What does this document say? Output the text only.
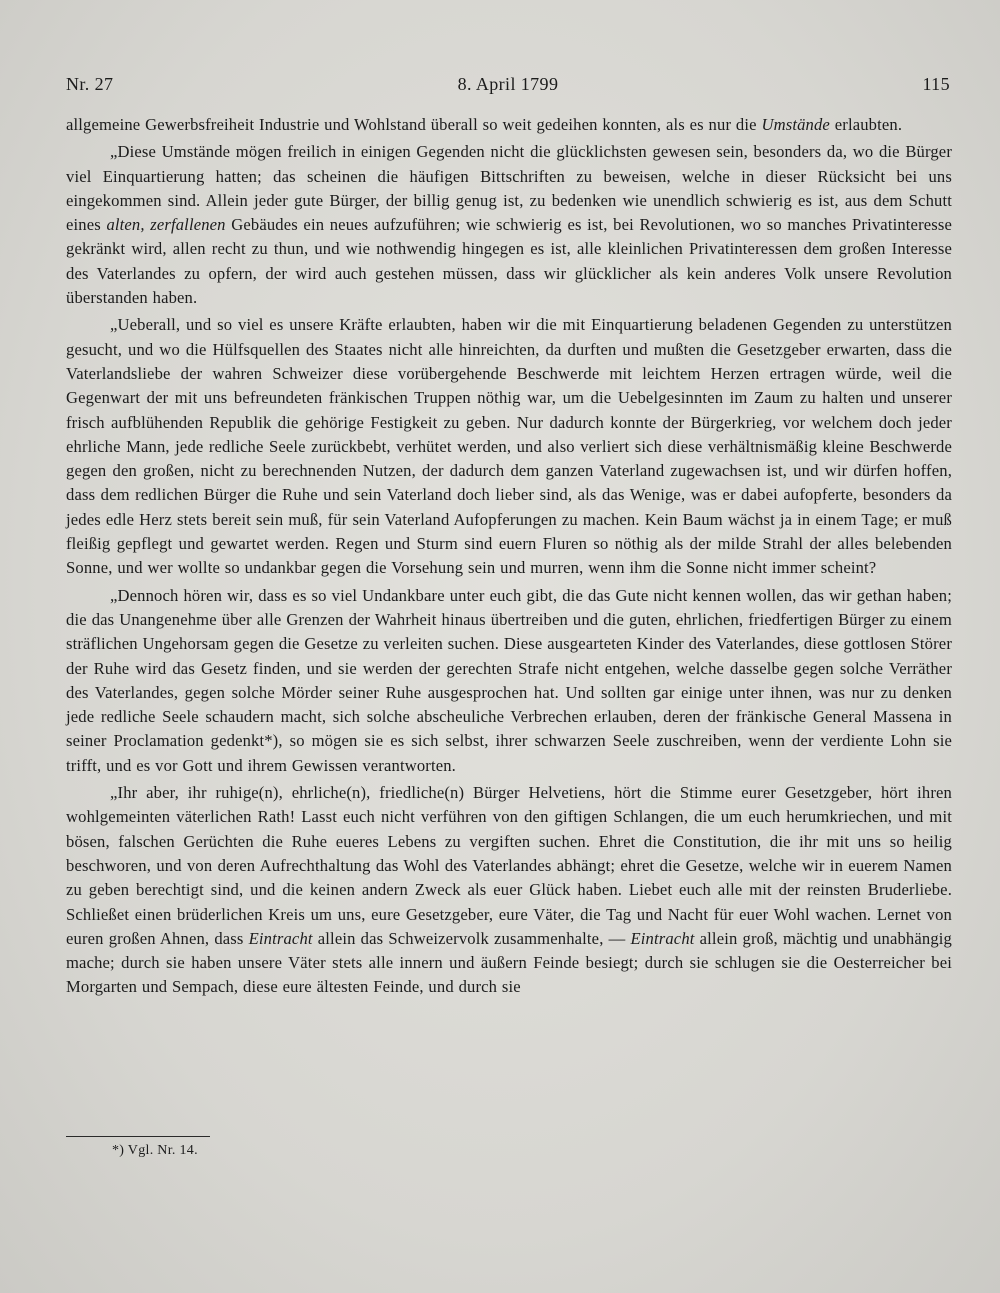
Nr. 27	8. April 1799	115

allgemeine Gewerbsfreiheit Industrie und Wohlstand überall so weit gedeihen konnten, als es nur die Umstände erlaubten.

„Diese Umstände mögen freilich in einigen Gegenden nicht die glücklichsten gewesen sein, besonders da, wo die Bürger viel Einquartierung hatten; das scheinen die häufigen Bittschriften zu beweisen, welche in dieser Rücksicht bei uns eingekommen sind. Allein jeder gute Bürger, der billig genug ist, zu bedenken wie unendlich schwierig es ist, aus dem Schutt eines alten, zerfallenen Gebäudes ein neues aufzuführen; wie schwierig es ist, bei Revolutionen, wo so manches Privatinteresse gekränkt wird, allen recht zu thun, und wie nothwendig hingegen es ist, alle kleinlichen Privatinteressen dem großen Interesse des Vaterlandes zu opfern, der wird auch gestehen müssen, dass wir glücklicher als kein anderes Volk unsere Revolution überstanden haben.

„Ueberall, und so viel es unsere Kräfte erlaubten, haben wir die mit Einquartierung beladenen Gegenden zu unterstützen gesucht, und wo die Hülfsquellen des Staates nicht alle hinreichten, da durften und mußten die Gesetzgeber erwarten, dass die Vaterlandsliebe der wahren Schweizer diese vorübergehende Beschwerde mit leichtem Herzen ertragen würde, weil die Gegenwart der mit uns befreundeten fränkischen Truppen nöthig war, um die Uebelgesinnten im Zaum zu halten und unserer frisch aufblühenden Republik die gehörige Festigkeit zu geben. Nur dadurch konnte der Bürgerkrieg, vor welchem doch jeder ehrliche Mann, jede redliche Seele zurückbebt, verhütet werden, und also verliert sich diese verhältnismäßig kleine Beschwerde gegen den großen, nicht zu berechnenden Nutzen, der dadurch dem ganzen Vaterland zugewachsen ist, und wir dürfen hoffen, dass dem redlichen Bürger die Ruhe und sein Vaterland doch lieber sind, als das Wenige, was er dabei aufopferte, besonders da jedes edle Herz stets bereit sein muß, für sein Vaterland Aufopferungen zu machen. Kein Baum wächst ja in einem Tage; er muß fleißig gepflegt und gewartet werden. Regen und Sturm sind euern Fluren so nöthig als der milde Strahl der alles belebenden Sonne, und wer wollte so undankbar gegen die Vorsehung sein und murren, wenn ihm die Sonne nicht immer scheint?

„Dennoch hören wir, dass es so viel Undankbare unter euch gibt, die das Gute nicht kennen wollen, das wir gethan haben; die das Unangenehme über alle Grenzen der Wahrheit hinaus übertreiben und die guten, ehrlichen, friedfertigen Bürger zu einem sträflichen Ungehorsam gegen die Gesetze zu verleiten suchen. Diese ausgearteten Kinder des Vaterlandes, diese gottlosen Störer der Ruhe wird das Gesetz finden, und sie werden der gerechten Strafe nicht entgehen, welche dasselbe gegen solche Verräther des Vaterlandes, gegen solche Mörder seiner Ruhe ausgesprochen hat. Und sollten gar einige unter ihnen, was nur zu denken jede redliche Seele schaudern macht, sich solche abscheuliche Verbrechen erlauben, deren der fränkische General Massena in seiner Proclamation gedenkt*), so mögen sie es sich selbst, ihrer schwarzen Seele zuschreiben, wenn der verdiente Lohn sie trifft, und es vor Gott und ihrem Gewissen verantworten.

„Ihr aber, ihr ruhige(n), ehrliche(n), friedliche(n) Bürger Helvetiens, hört die Stimme eurer Gesetzgeber, hört ihren wohlgemeinten väterlichen Rath! Lasst euch nicht verführen von den giftigen Schlangen, die um euch herumkriechen, und mit bösen, falschen Gerüchten die Ruhe eueres Lebens zu vergiften suchen. Ehret die Constitution, die ihr mit uns so heilig beschworen, und von deren Aufrechthaltung das Wohl des Vaterlandes abhängt; ehret die Gesetze, welche wir in euerem Namen zu geben berechtigt sind, und die keinen andern Zweck als euer Glück haben. Liebet euch alle mit der reinsten Bruderliebe. Schließet einen brüderlichen Kreis um uns, eure Gesetzgeber, eure Väter, die Tag und Nacht für euer Wohl wachen. Lernet von euren großen Ahnen, dass Eintracht allein das Schweizervolk zusammenhalte, — Eintracht allein groß, mächtig und unabhängig mache; durch sie haben unsere Väter stets alle innern und äußern Feinde besiegt; durch sie schlugen sie die Oesterreicher bei Morgarten und Sempach, diese eure ältesten Feinde, und durch sie

*) Vgl. Nr. 14.
